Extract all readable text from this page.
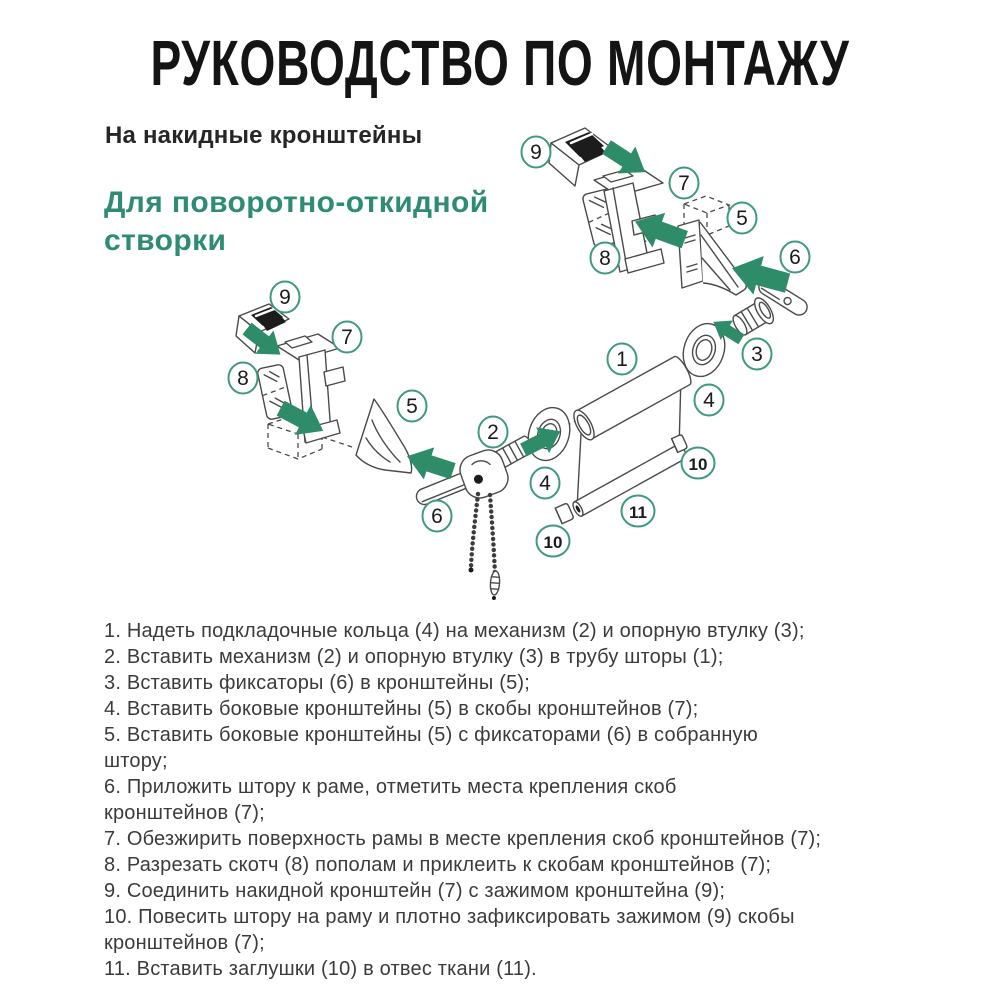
РУКОВОДСТВО ПО МОНТАЖУ
На накидные кронштейны
Для поворотно-откидной
створки
9
7
5
8	6
3
4
1
9
7
8
5
2
6
4
10
10
11
1. Надеть подкладочные кольца (4) на механизм (2) и опорную втулку (3);
2. Вставить механизм (2) и опорную втулку (3) в трубу шторы (1);
3. Вставить фиксаторы (6) в кронштейны (5);
4. Вставить боковые кронштейны (5) в скобы кронштейнов (7);
5. Вставить боковые кронштейны (5) с фиксаторами (6) в собранную
штору;
6. Приложить штору к раме, отметить места крепления скоб
кронштейнов (7);
7. Обезжирить поверхность рамы в месте крепления скоб кронштейнов (7);
8. Разрезать скотч (8) пополам и приклеить к скобам кронштейнов (7);
9. Соединить накидной кронштейн (7) с зажимом кронштейна (9);
10. Повесить штору на раму и плотно зафиксировать зажимом (9) скобы
кронштейнов (7);
11. Вставить заглушки (10) в отвес ткани (11).
